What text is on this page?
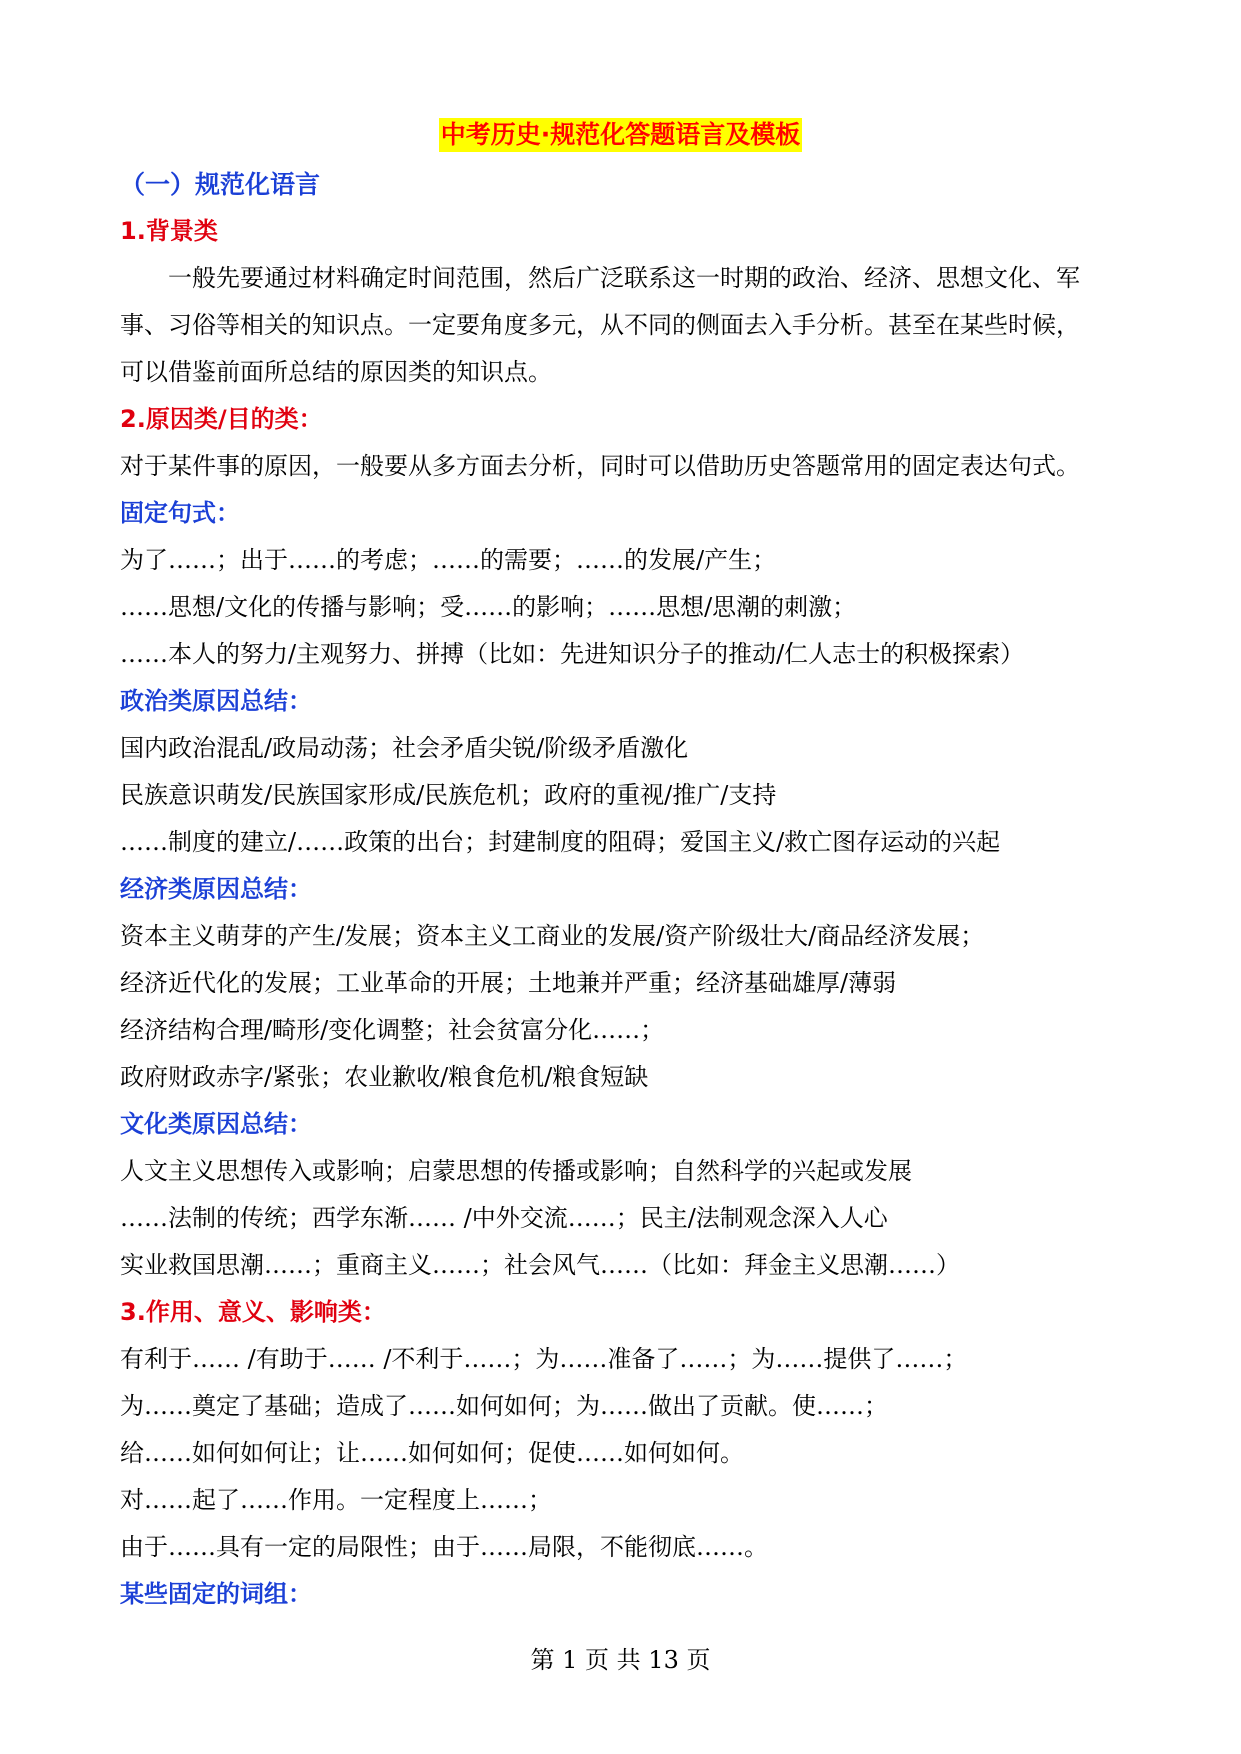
中考历史·规范化答题语言及模板
（一）规范化语言
1.背景类
一般先要通过材料确定时间范围，然后广泛联系这一时期的政治、经济、思想文化、军
事、习俗等相关的知识点。一定要角度多元，从不同的侧面去入手分析。甚至在某些时候，
可以借鉴前面所总结的原因类的知识点。
2.原因类/目的类：
对于某件事的原因，一般要从多方面去分析，同时可以借助历史答题常用的固定表达句式。
固定句式：
为了……；出于……的考虑；……的需要；……的发展/产生；
……思想/文化的传播与影响；受……的影响；……思想/思潮的刺激；
……本人的努力/主观努力、拼搏（比如：先进知识分子的推动/仁人志士的积极探索）
政治类原因总结：
国内政治混乱/政局动荡；社会矛盾尖锐/阶级矛盾激化
民族意识萌发/民族国家形成/民族危机；政府的重视/推广/支持
……制度的建立/……政策的出台；封建制度的阻碍；爱国主义/救亡图存运动的兴起
经济类原因总结：
资本主义萌芽的产生/发展；资本主义工商业的发展/资产阶级壮大/商品经济发展；
经济近代化的发展；工业革命的开展；土地兼并严重；经济基础雄厚/薄弱
经济结构合理/畸形/变化调整；社会贫富分化……；
政府财政赤字/紧张；农业歉收/粮食危机/粮食短缺
文化类原因总结：
人文主义思想传入或影响；启蒙思想的传播或影响；自然科学的兴起或发展
……法制的传统；西学东渐…… /中外交流……；民主/法制观念深入人心
实业救国思潮……；重商主义……；社会风气……（比如：拜金主义思潮……）
3.作用、意义、影响类：
有利于…… /有助于…… /不利于……；为……准备了……；为……提供了……；
为……奠定了基础；造成了……如何如何；为……做出了贡献。使……；
给……如何如何让；让……如何如何；促使……如何如何。
对……起了……作用。一定程度上……；
由于……具有一定的局限性；由于……局限，不能彻底……。
某些固定的词组：
第 1 页 共 13 页
